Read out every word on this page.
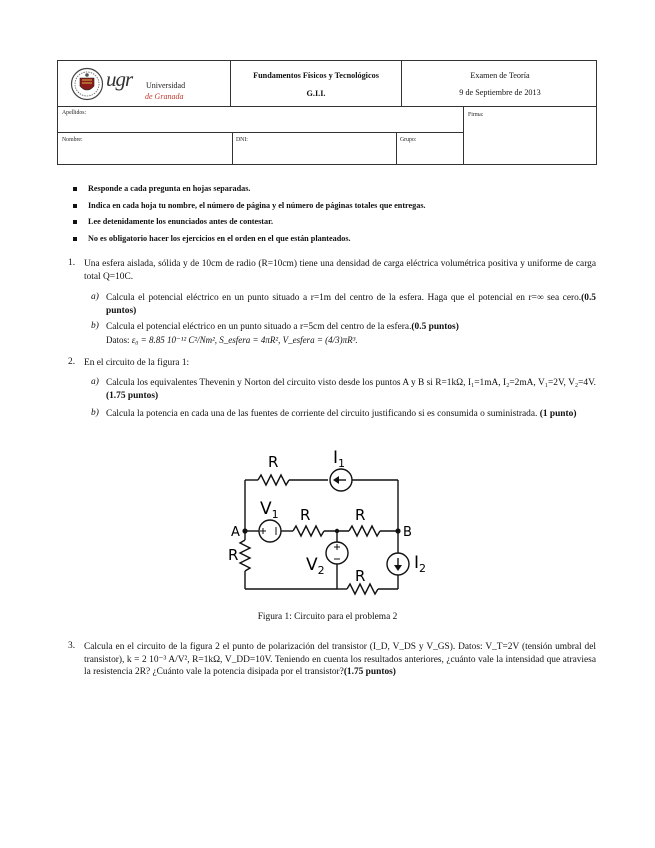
ugr Universidad
de Granada
Fundamentos Físicos y Tecnológicos
G.I.I.
Examen de Teoría
9 de Septiembre de 2013
Apellidos:	Firma:
Nombre:	DNI:	Grupo:
Responde a cada pregunta en hojas separadas.
Indica en cada hoja tu nombre, el número de página y el número de páginas totales que entregas.
Lee detenidamente los enunciados antes de contestar.
No es obligatorio hacer los ejercicios en el orden en el que están planteados.
1. Una esfera aislada, sólida y de 10cm de radio (R=10cm) tiene una densidad de carga eléctrica volumétrica positiva y uniforme de carga total Q=10C.
a) Calcula el potencial eléctrico en un punto situado a r=1m del centro de la esfera. Haga que el potencial en r=∞ sea cero.(0.5 puntos)
b) Calcula el potencial eléctrico en un punto situado a r=5cm del centro de la esfera.(0.5 puntos)
Datos: ε₀ = 8.85 10⁻¹² C²/Nm², S_esfera = 4πR², V_esfera = (4/3)πR³.
2. En el circuito de la figura 1:
a) Calcula los equivalentes Thevenin y Norton del circuito visto desde los puntos A y B si R=1kΩ, I₁=1mA, I₂=2mA, V₁=2V, V₂=4V. (1.75 puntos)
b) Calcula la potencia en cada una de las fuentes de corriente del circuito justificando si es consumida o suministrada. (1 punto)
R	$I_1$
$V_1$ R	R
A	B
R	$V_2$ R
$I_2$
Figura 1: Circuito para el problema 2
3. Calcula en el circuito de la figura 2 el punto de polarización del transistor (I_D, V_DS y V_GS). Datos: V_T=2V (tensión umbral del transistor), k = 2 10⁻³ A/V², R=1kΩ, V_DD=10V. Teniendo en cuenta los resultados anteriores, ¿cuánto vale la intensidad que atraviesa la resistencia 2R? ¿Cuánto vale la potencia disipada por el transistor?(1.75 puntos)
